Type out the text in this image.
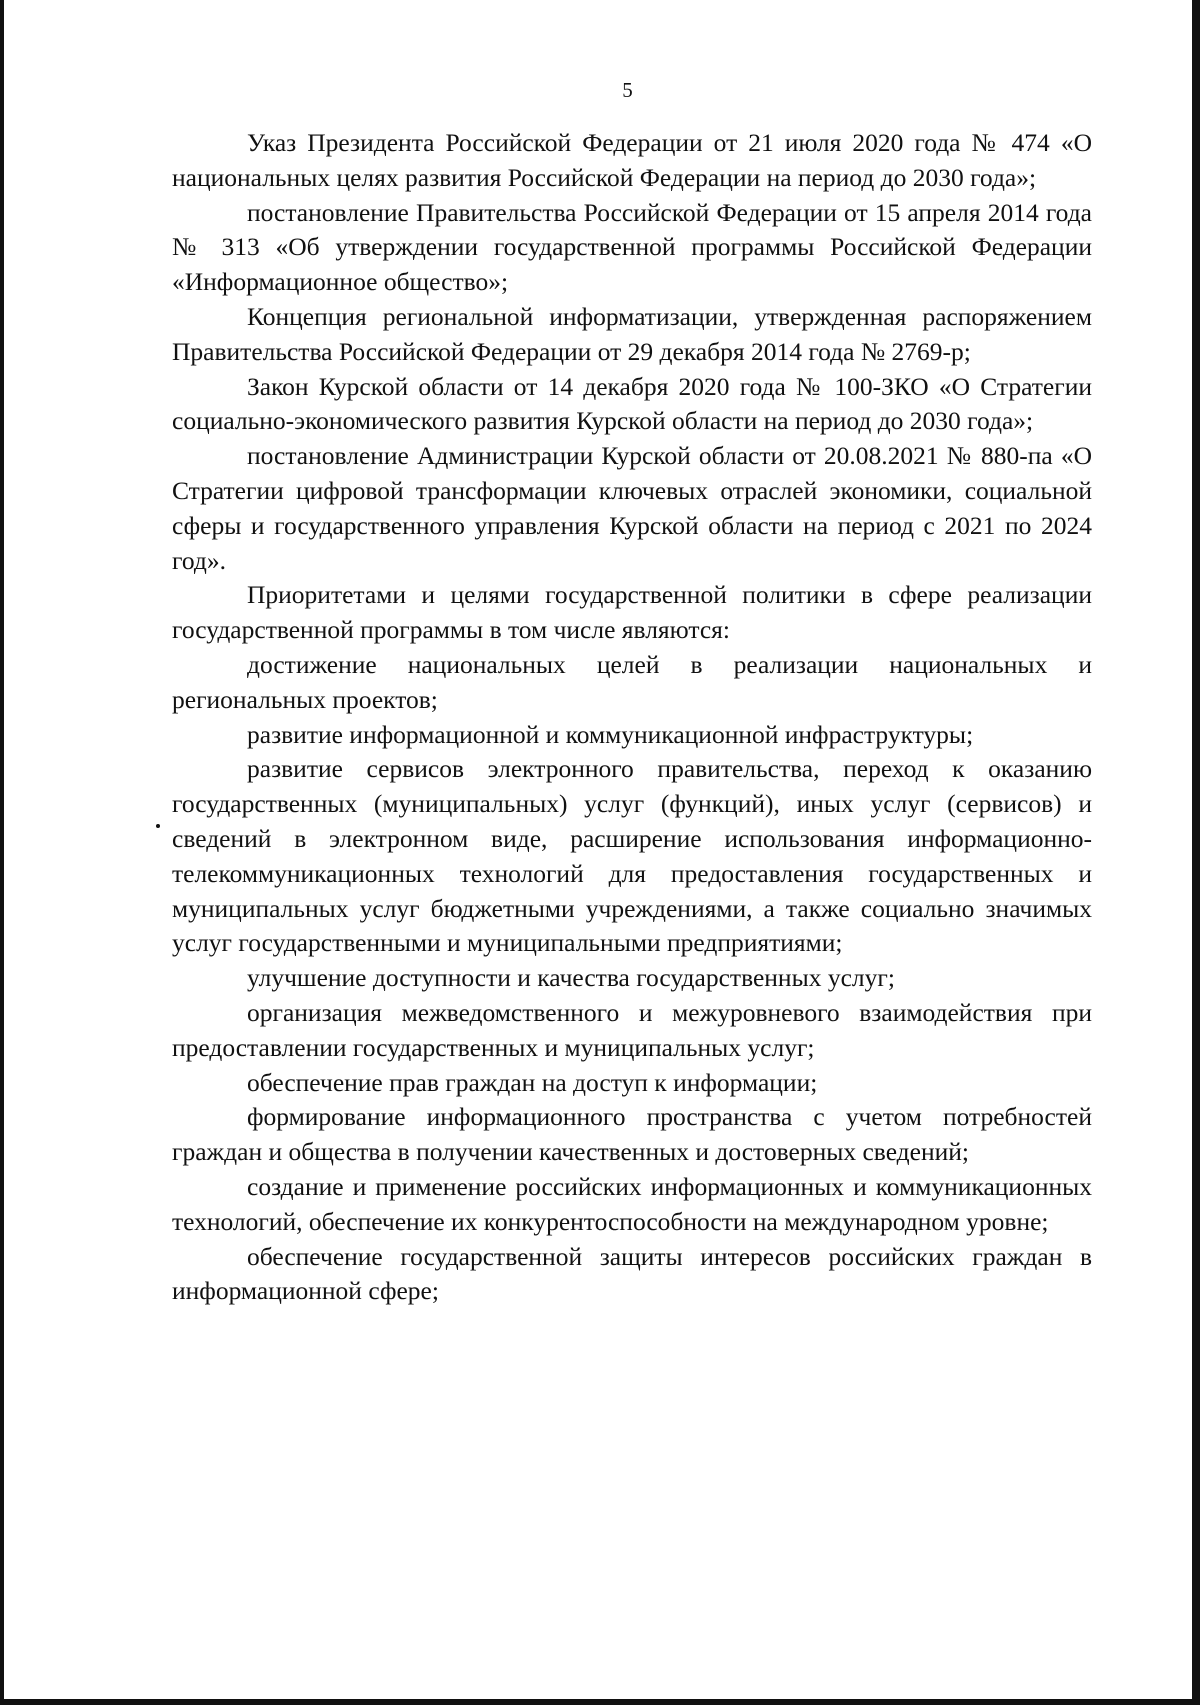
5

Указ Президента Российской Федерации от 21 июля 2020 года № 474 «О национальных целях развития Российской Федерации на период до 2030 года»;

постановление Правительства Российской Федерации от 15 апреля 2014 года № 313 «Об утверждении государственной программы Российской Федерации «Информационное общество»;

Концепция региональной информатизации, утвержденная распоряжением Правительства Российской Федерации от 29 декабря 2014 года № 2769-р;

Закон Курской области от 14 декабря 2020 года № 100-ЗКО «О Стратегии социально-экономического развития Курской области на период до 2030 года»;

постановление Администрации Курской области от 20.08.2021 № 880-па «О Стратегии цифровой трансформации ключевых отраслей экономики, социальной сферы и государственного управления Курской области на период с 2021 по 2024 год».

Приоритетами и целями государственной политики в сфере реализации государственной программы в том числе являются:

достижение национальных целей в реализации национальных и региональных проектов;

развитие информационной и коммуникационной инфраструктуры;

развитие сервисов электронного правительства, переход к оказанию государственных (муниципальных) услуг (функций), иных услуг (сервисов) и сведений в электронном виде, расширение использования информационно-телекоммуникационных технологий для предоставления государственных и муниципальных услуг бюджетными учреждениями, а также социально значимых услуг государственными и муниципальными предприятиями;

улучшение доступности и качества государственных услуг;

организация межведомственного и межуровневого взаимодействия при предоставлении государственных и муниципальных услуг;

обеспечение прав граждан на доступ к информации;

формирование информационного пространства с учетом потребностей граждан и общества в получении качественных и достоверных сведений;

создание и применение российских информационных и коммуникационных технологий, обеспечение их конкурентоспособности на международном уровне;

обеспечение государственной защиты интересов российских граждан в информационной сфере;
